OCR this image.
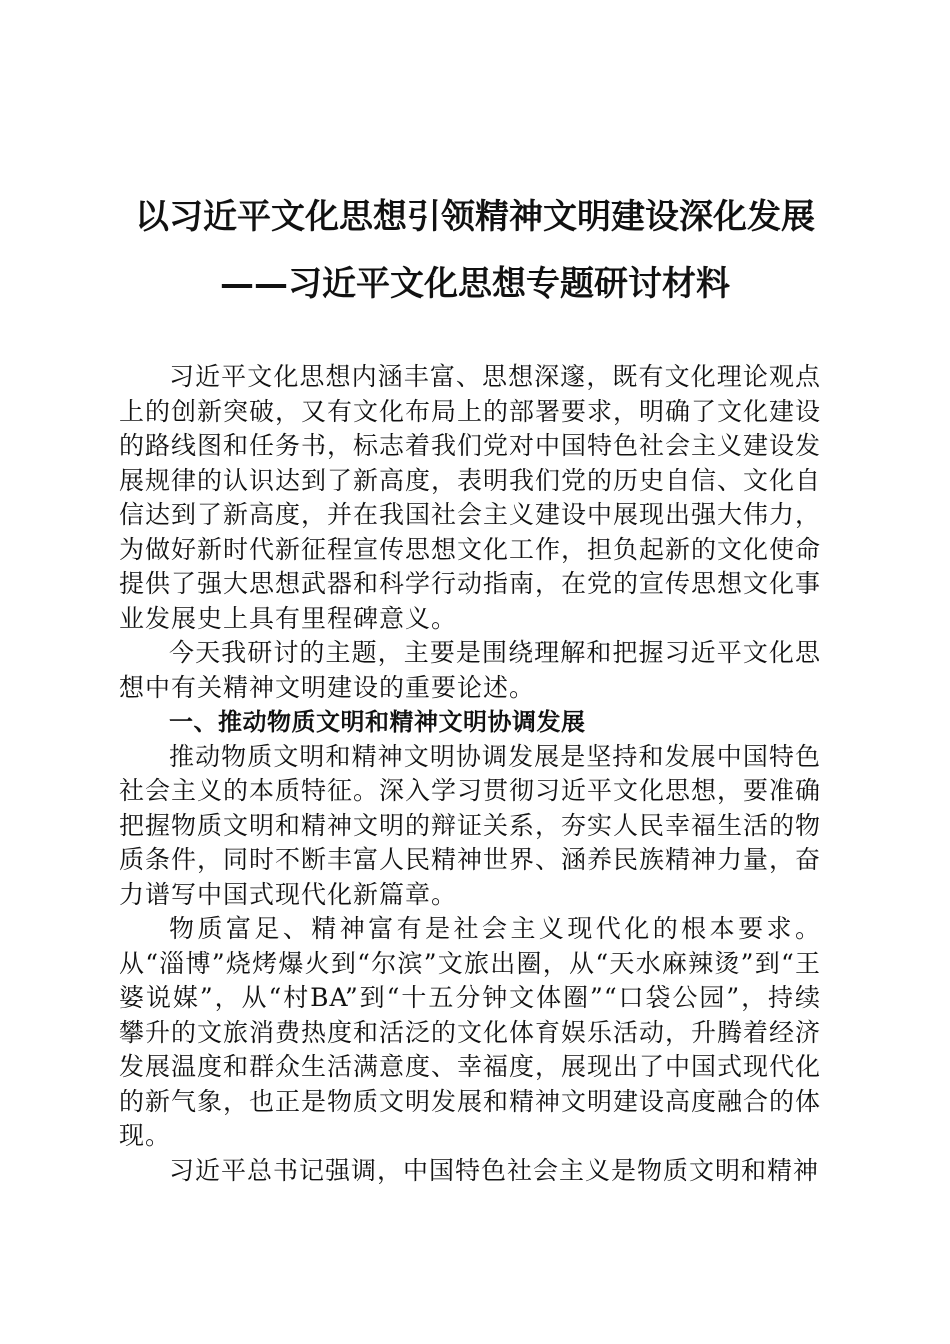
以习近平文化思想引领精神文明建设深化发展
——习近平文化思想专题研讨材料

习近平文化思想内涵丰富、思想深邃，既有文化理论观点上的创新突破，又有文化布局上的部署要求，明确了文化建设的路线图和任务书，标志着我们党对中国特色社会主义建设发展规律的认识达到了新高度，表明我们党的历史自信、文化自信达到了新高度，并在我国社会主义建设中展现出强大伟力，为做好新时代新征程宣传思想文化工作，担负起新的文化使命提供了强大思想武器和科学行动指南，在党的宣传思想文化事业发展史上具有里程碑意义。

今天我研讨的主题，主要是围绕理解和把握习近平文化思想中有关精神文明建设的重要论述。

一、推动物质文明和精神文明协调发展

推动物质文明和精神文明协调发展是坚持和发展中国特色社会主义的本质特征。深入学习贯彻习近平文化思想，要准确把握物质文明和精神文明的辩证关系，夯实人民幸福生活的物质条件，同时不断丰富人民精神世界、涵养民族精神力量，奋力谱写中国式现代化新篇章。

物质富足、精神富有是社会主义现代化的根本要求。从“淄博”烧烤爆火到“尔滨”文旅出圈，从“天水麻辣烫”到“王婆说媒”，从“村BA”到“十五分钟文体圈”“口袋公园”，持续攀升的文旅消费热度和活泛的文化体育娱乐活动，升腾着经济发展温度和群众生活满意度、幸福度，展现出了中国式现代化的新气象，也正是物质文明发展和精神文明建设高度融合的体现。

习近平总书记强调，中国特色社会主义是物质文明和精神
